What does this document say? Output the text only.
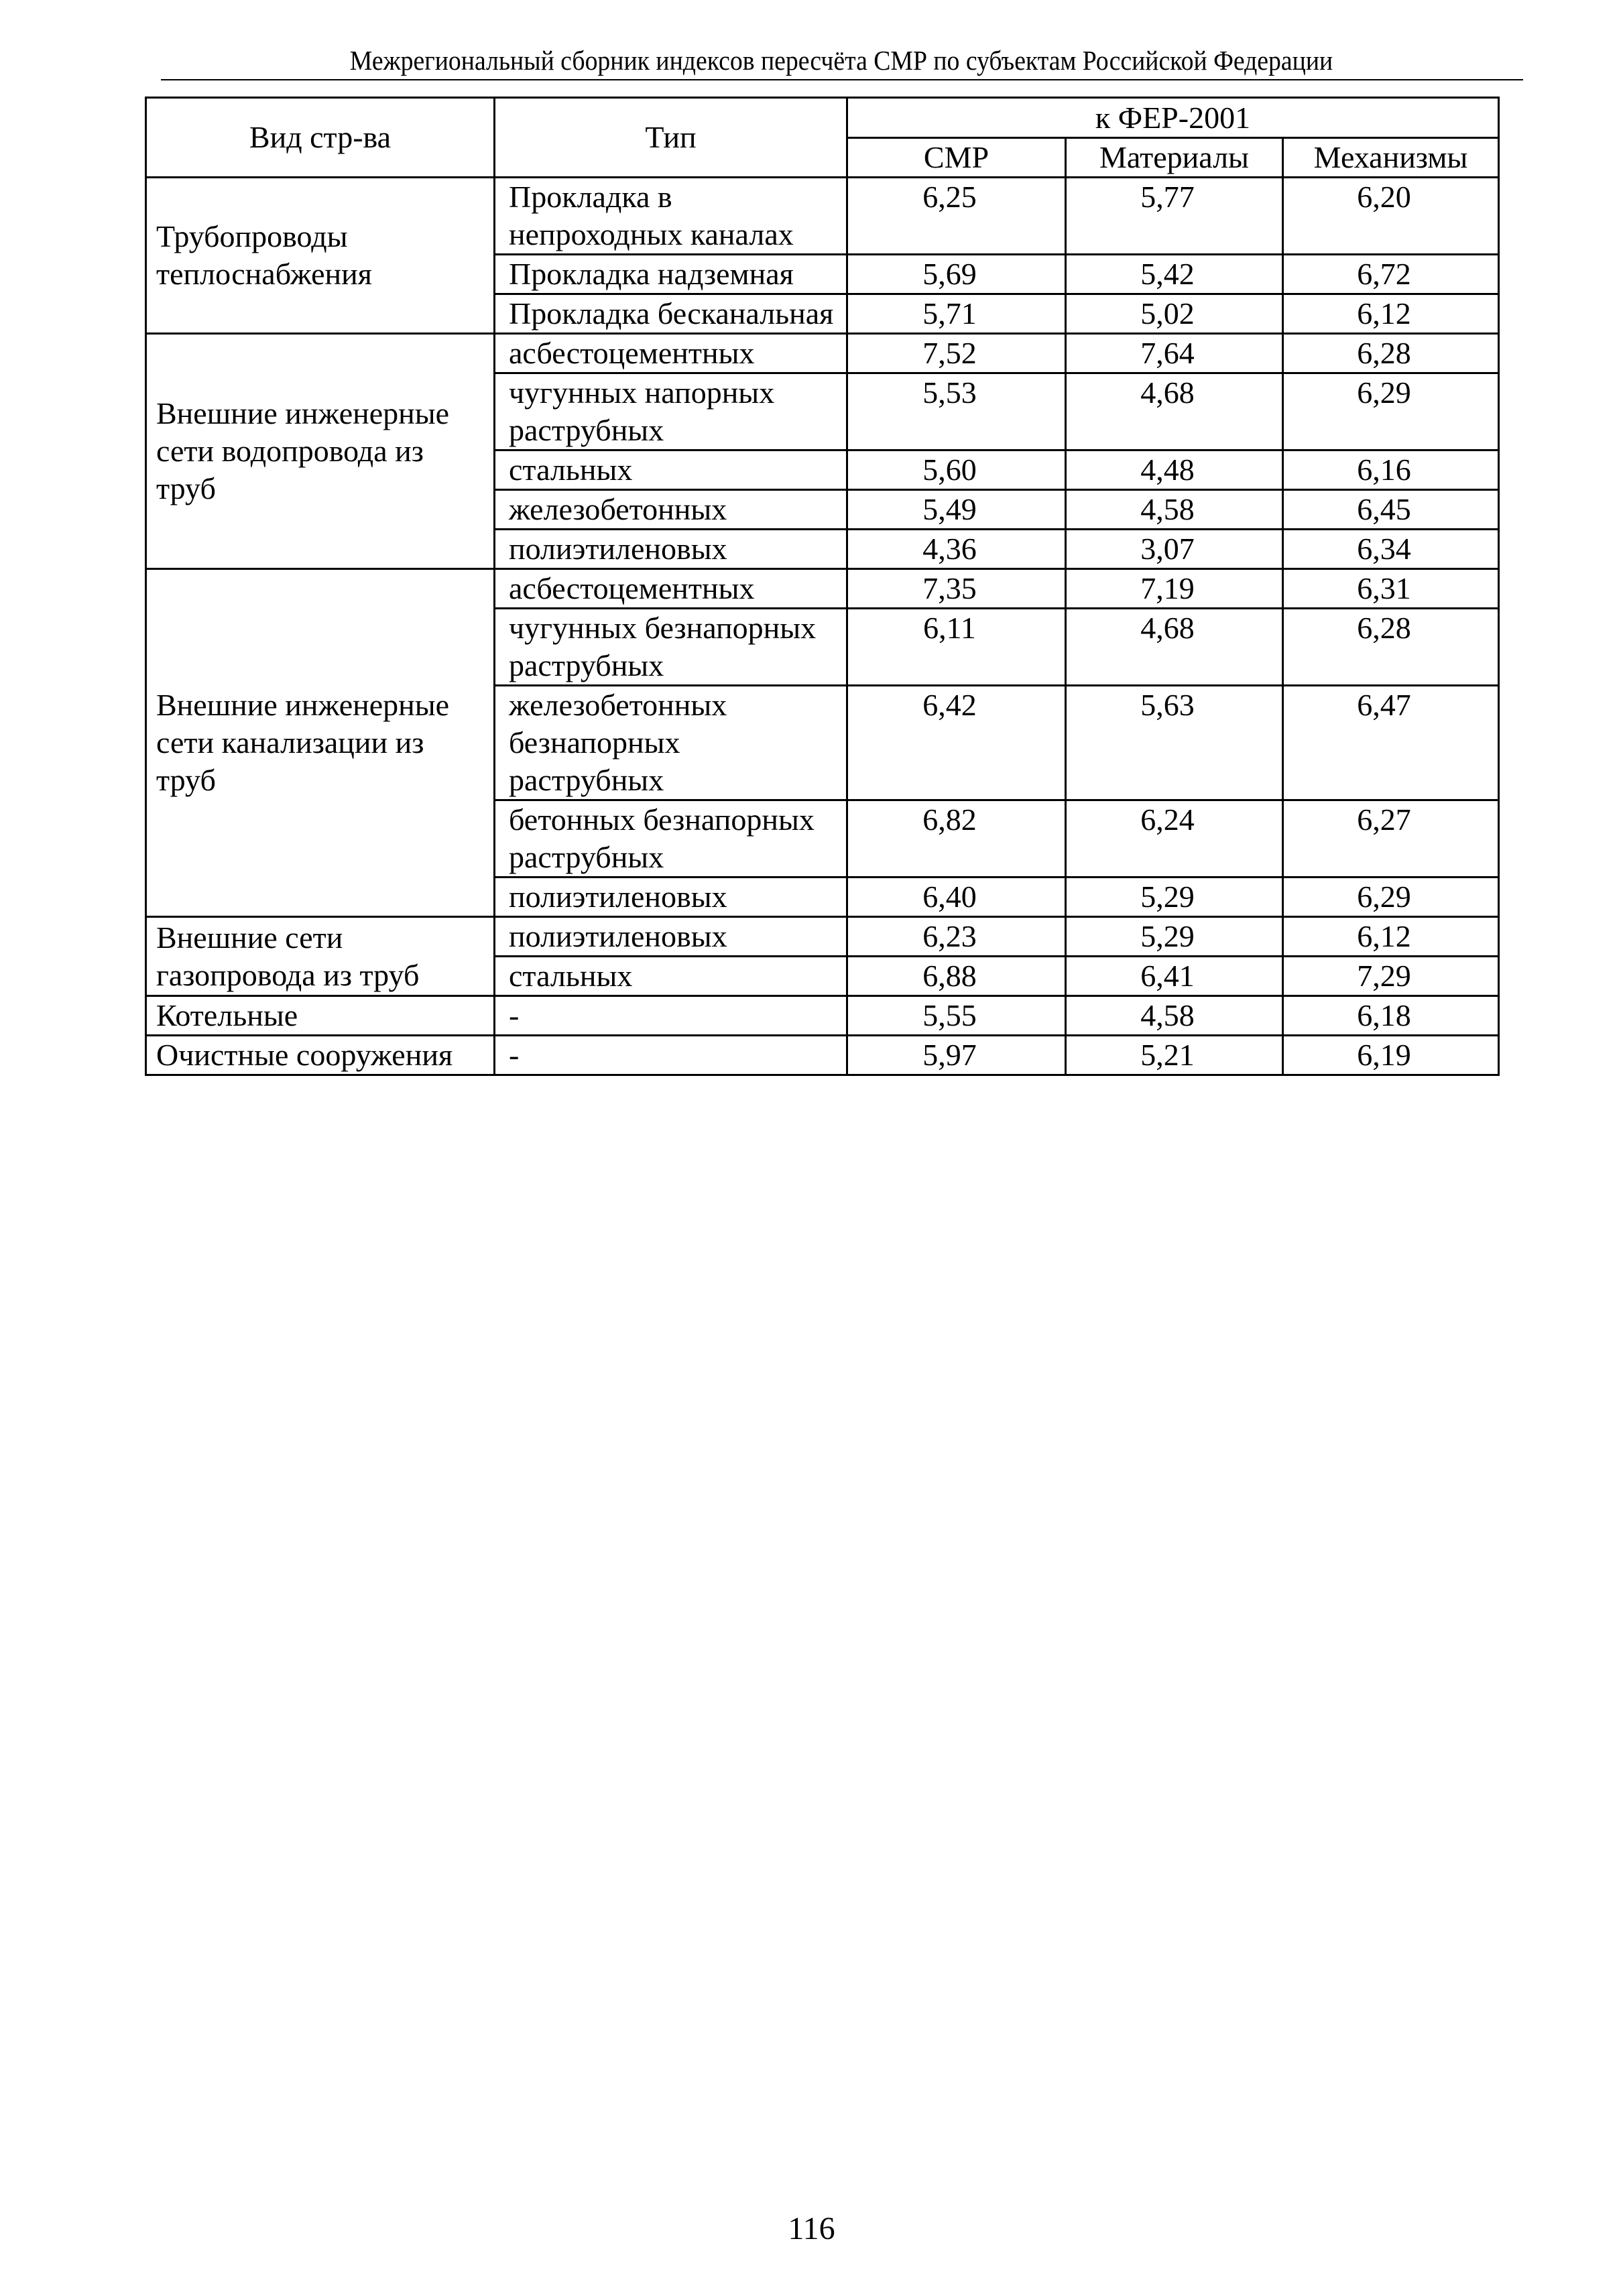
Межрегиональный сборник индексов пересчёта СМР по субъектам Российской Федерации
Вид стр-ва	Тип	к ФЕР-2001		
		СМР	Материалы	Механизмы
Трубопроводы теплоснабжения	Прокладка в непроходных каналах	6,25	5,77	6,20
	Прокладка надземная	5,69	5,42	6,72
	Прокладка бесканальная	5,71	5,02	6,12
Внешние инженерные сети водопровода из труб	асбестоцементных	7,52	7,64	6,28
	чугунных напорных раструбных	5,53	4,68	6,29
	стальных	5,60	4,48	6,16
	железобетонных	5,49	4,58	6,45
	полиэтиленовых	4,36	3,07	6,34
Внешние инженерные сети канализации из труб	асбестоцементных	7,35	7,19	6,31
	чугунных безнапорных раструбных	6,11	4,68	6,28
	железобетонных безнапорных раструбных	6,42	5,63	6,47
	бетонных безнапорных раструбных	6,82	6,24	6,27
	полиэтиленовых	6,40	5,29	6,29
Внешние сети газопровода из труб	полиэтиленовых	6,23	5,29	6,12
	стальных	6,88	6,41	7,29
Котельные	-	5,55	4,58	6,18
Очистные сооружения	-	5,97	5,21	6,19
116
